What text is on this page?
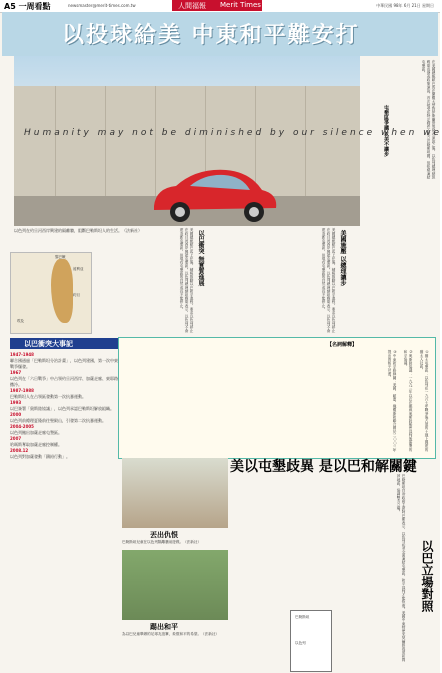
A5 一周看點	newsmaster@merit-times.com.tw	人間福報 Merit Times	中華民國 98年 6月 21日 星期日
以投球給美 中東和平難安打
Humanity may not be diminished by our silence when we
屯墾區爭議 以美不讓步	在美國總統歐巴馬在開羅大學對伊斯蘭世界發表演說之後，以色列總理納坦雅胡也發表政策演說，首次接受在特定條件下建立巴勒斯坦國，但拒絕凍結屯墾區。
以色列在約旦河西岸興建的隔離牆，阻斷巴勒斯坦人的生活。（法新社）
黎巴嫩
敘利亞
約旦
埃及
以巴衝突大事記
1947-1948
聯合國通過「巴勒斯坦分治計畫」，以色列建國，第一次中東戰爭爆發。
1967
以色列在「六日戰爭」中占領約旦河西岸、加薩走廊、東耶路撒冷。
1987-1988
巴勒斯坦人在占領區發動第一次抗暴運動。
1993
以巴簽署「奧斯陸協議」，以色列承認巴勒斯坦解放組織。
2000
以色列前總理夏隆前往聖殿山，引發第二次抗暴運動。
2004-2005
以色列撤出加薩走廊屯墾區。
2007
哈瑪斯奪取加薩走廊控制權。
2008.12
以色列對加薩發動「鑄鉛行動」。
美國施壓 以總理讓步
以巴衝突 無實質進展	美國總統歐巴馬上任後，積極推動以巴和平進程，要求以色列停止在約旦河西岸興建屯墾區。以色列總理納坦雅胡表示，以色列不會建造新屯墾區，但現有屯墾區的自然成長不能停止。
美國總統歐巴馬上任後，積極推動以巴和平進程，要求以色列停止在約旦河西岸興建屯墾區。以色列總理納坦雅胡表示，以色列不會建造新屯墾區，但現有屯墾區的自然成長不能停止。
【名詞解釋】

①猶太屯墾區：以色列在一九六七年戰爭後占領的土地上興建的猶太人社區。

②奧斯陸協議：一九九三年以巴在挪威奧斯陸秘密談判後簽署的和平協議。

③中東和平路線圖：美國、歐盟、俄羅斯和聯合國於二○○三年提出的和平計畫。

丟出仇恨
巴勒斯坦兒童在以色列隔離牆前遊戲。（法新社）
踢出和平
為以巴兒童舉辦的足球友誼賽，象徵和平的希望。（法新社）
美以屯墾歧異 是以巴和解關鍵
巴勒斯坦自治政府主席阿巴斯表示，以色列必須全面凍結屯墾區，和平談判才能恢復。美國中東特使米契爾將再度訪問該地區，協調雙方立場。
巴勒斯坦
以色列
以巴立場對照
